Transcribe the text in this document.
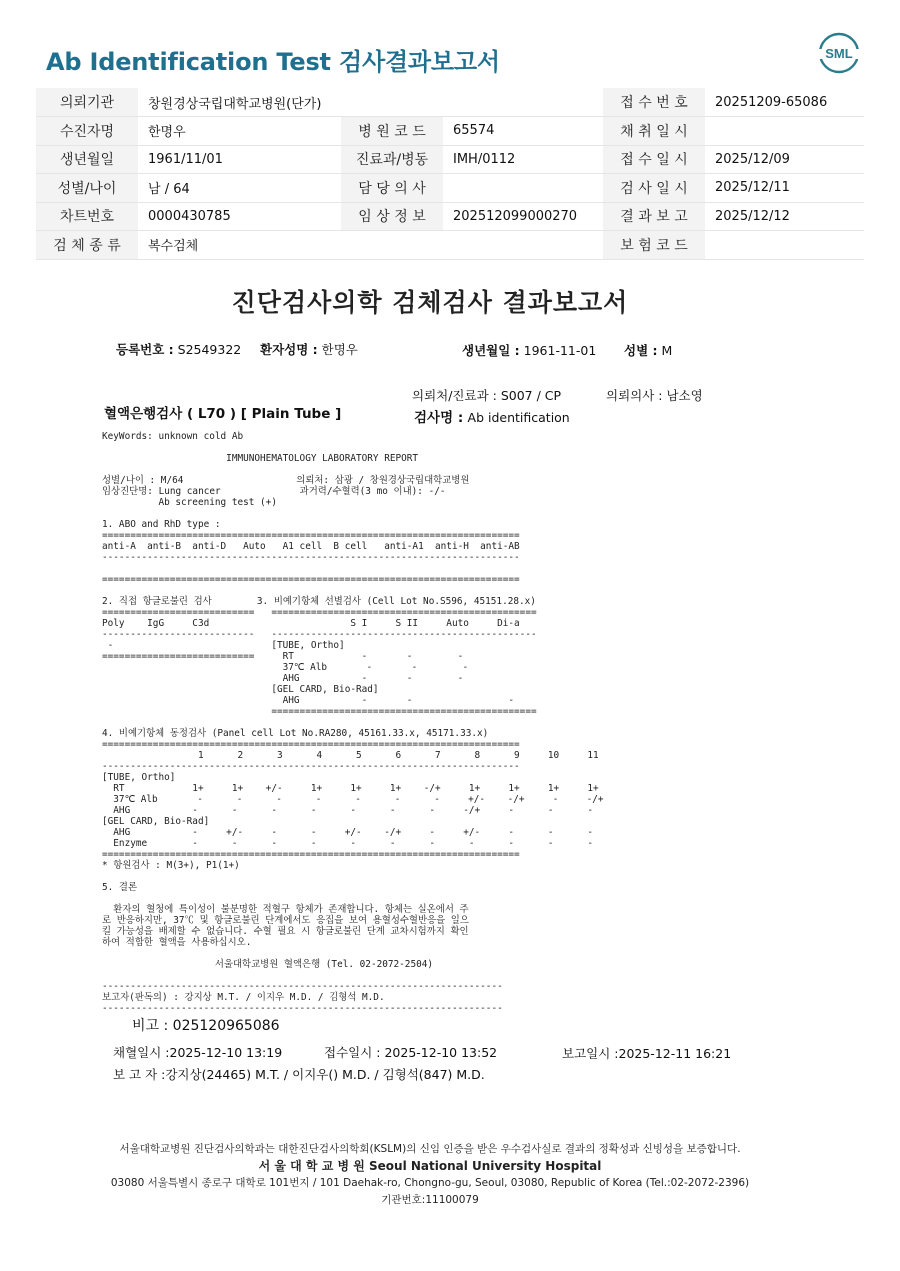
Ab Identification Test 검사결과보고서	SML
의뢰기관	창원경상국립대학교병원(단가)			접 수 번 호	20251209-65086
수진자명	한명우	병 원 코 드	65574	채 취 일 시	
생년월일	1961/11/01	진료과/병동	IMH/0112	접 수 일 시	2025/12/09
성별/나이	남 / 64	담 당 의 사		검 사 일 시	2025/12/11
차트번호	0000430785	임 상 정 보	202512099000270	결 과 보 고	2025/12/12
검 체 종 류	복수검체			보 험 코 드	
진단검사의학 검체검사 결과보고서
등록번호 : S2549322 환자성명 : 한명우	생년월일 : 1961-11-01 성별 : M
의뢰처/진료과 : S007 / CP	의뢰의사 : 남소영
혈액은행검사 ( L70 ) [ Plain Tube ]	검사명 : Ab identification
KeyWords: unknown cold Ab
IMMUNOHEMATOLOGY LABORATORY REPORT
성별/나이 : M/64                    의뢰처: 삼광 / 창원경상국립대학교병원
임상진단명: Lung cancer              과거력/수혈력(3 mo 이내): -/-
Ab screening test (+)
1. ABO and RhD type :
==========================================================================
anti-A  anti-B  anti-D   Auto   A1 cell  B cell   anti-A1  anti-H  anti-AB
--------------------------------------------------------------------------
==========================================================================
2. 직접 항글로불린 검사        3. 비예기항체 선별검사 (Cell Lot No.S596, 45151.28.x)
===========================   ===============================================
Poly    IgG     C3d                         S I     S II     Auto     Di-a
---------------------------   -----------------------------------------------
-                            [TUBE, Ortho]
===========================     RT            -       -        -
37℃ Alb       -       -        -
AHG           -       -        -
[GEL CARD, Bio-Rad]
AHG           -       -                 -
===============================================
4. 비예기항체 동정검사 (Panel cell Lot No.RA280, 45161.33.x, 45171.33.x)
==========================================================================
1      2      3      4      5      6      7      8      9     10     11
--------------------------------------------------------------------------
[TUBE, Ortho]
RT            1+     1+    +/-     1+     1+     1+    -/+     1+     1+     1+     1+
37℃ Alb       -      -      -      -      -      -      -     +/-    -/+     -     -/+
AHG           -      -      -      -      -      -      -     -/+     -      -      -
[GEL CARD, Bio-Rad]
AHG           -     +/-     -      -     +/-    -/+     -     +/-     -      -      -
Enzyme        -      -      -      -      -      -      -      -      -      -      -
==========================================================================
* 항원검사 : M(3+), P1(1+)
5. 결론
환자의 혈청에 특이성이 불분명한 적혈구 항체가 존재합니다. 항체는 실온에서 주
로 반응하지만, 37℃ 및 항글로불린 단계에서도 응집을 보여 용혈성수혈반응을 일으
킬 가능성을 배제할 수 없습니다. 수혈 필요 시 항글로불린 단계 교차시험까지 확인
하여 적합한 혈액을 사용하십시오.
서울대학교병원 혈액은행 (Tel. 02-2072-2504)
-----------------------------------------------------------------------
보고자(판독의) : 강지상 M.T. / 이지우 M.D. / 김형석 M.D.
-----------------------------------------------------------------------
비고 : 025120965086
채혈일시 :2025-12-10 13:19	접수일시 : 2025-12-10 13:52	보고일시 :2025-12-11 16:21
보 고 자 :강지상(24465) M.T. / 이지우() M.D. / 김형석(847) M.D.
서울대학교병원 진단검사의학과는 대한진단검사의학회(KSLM)의 신임 인증을 받은 우수검사실로 결과의 정확성과 신빙성을 보증합니다.
서 울 대 학 교 병 원 Seoul National University Hospital
03080 서울특별시 종로구 대학로 101번지 / 101 Daehak-ro, Chongno-gu, Seoul, 03080, Republic of Korea (Tel.:02-2072-2396)
기관번호:11100079
